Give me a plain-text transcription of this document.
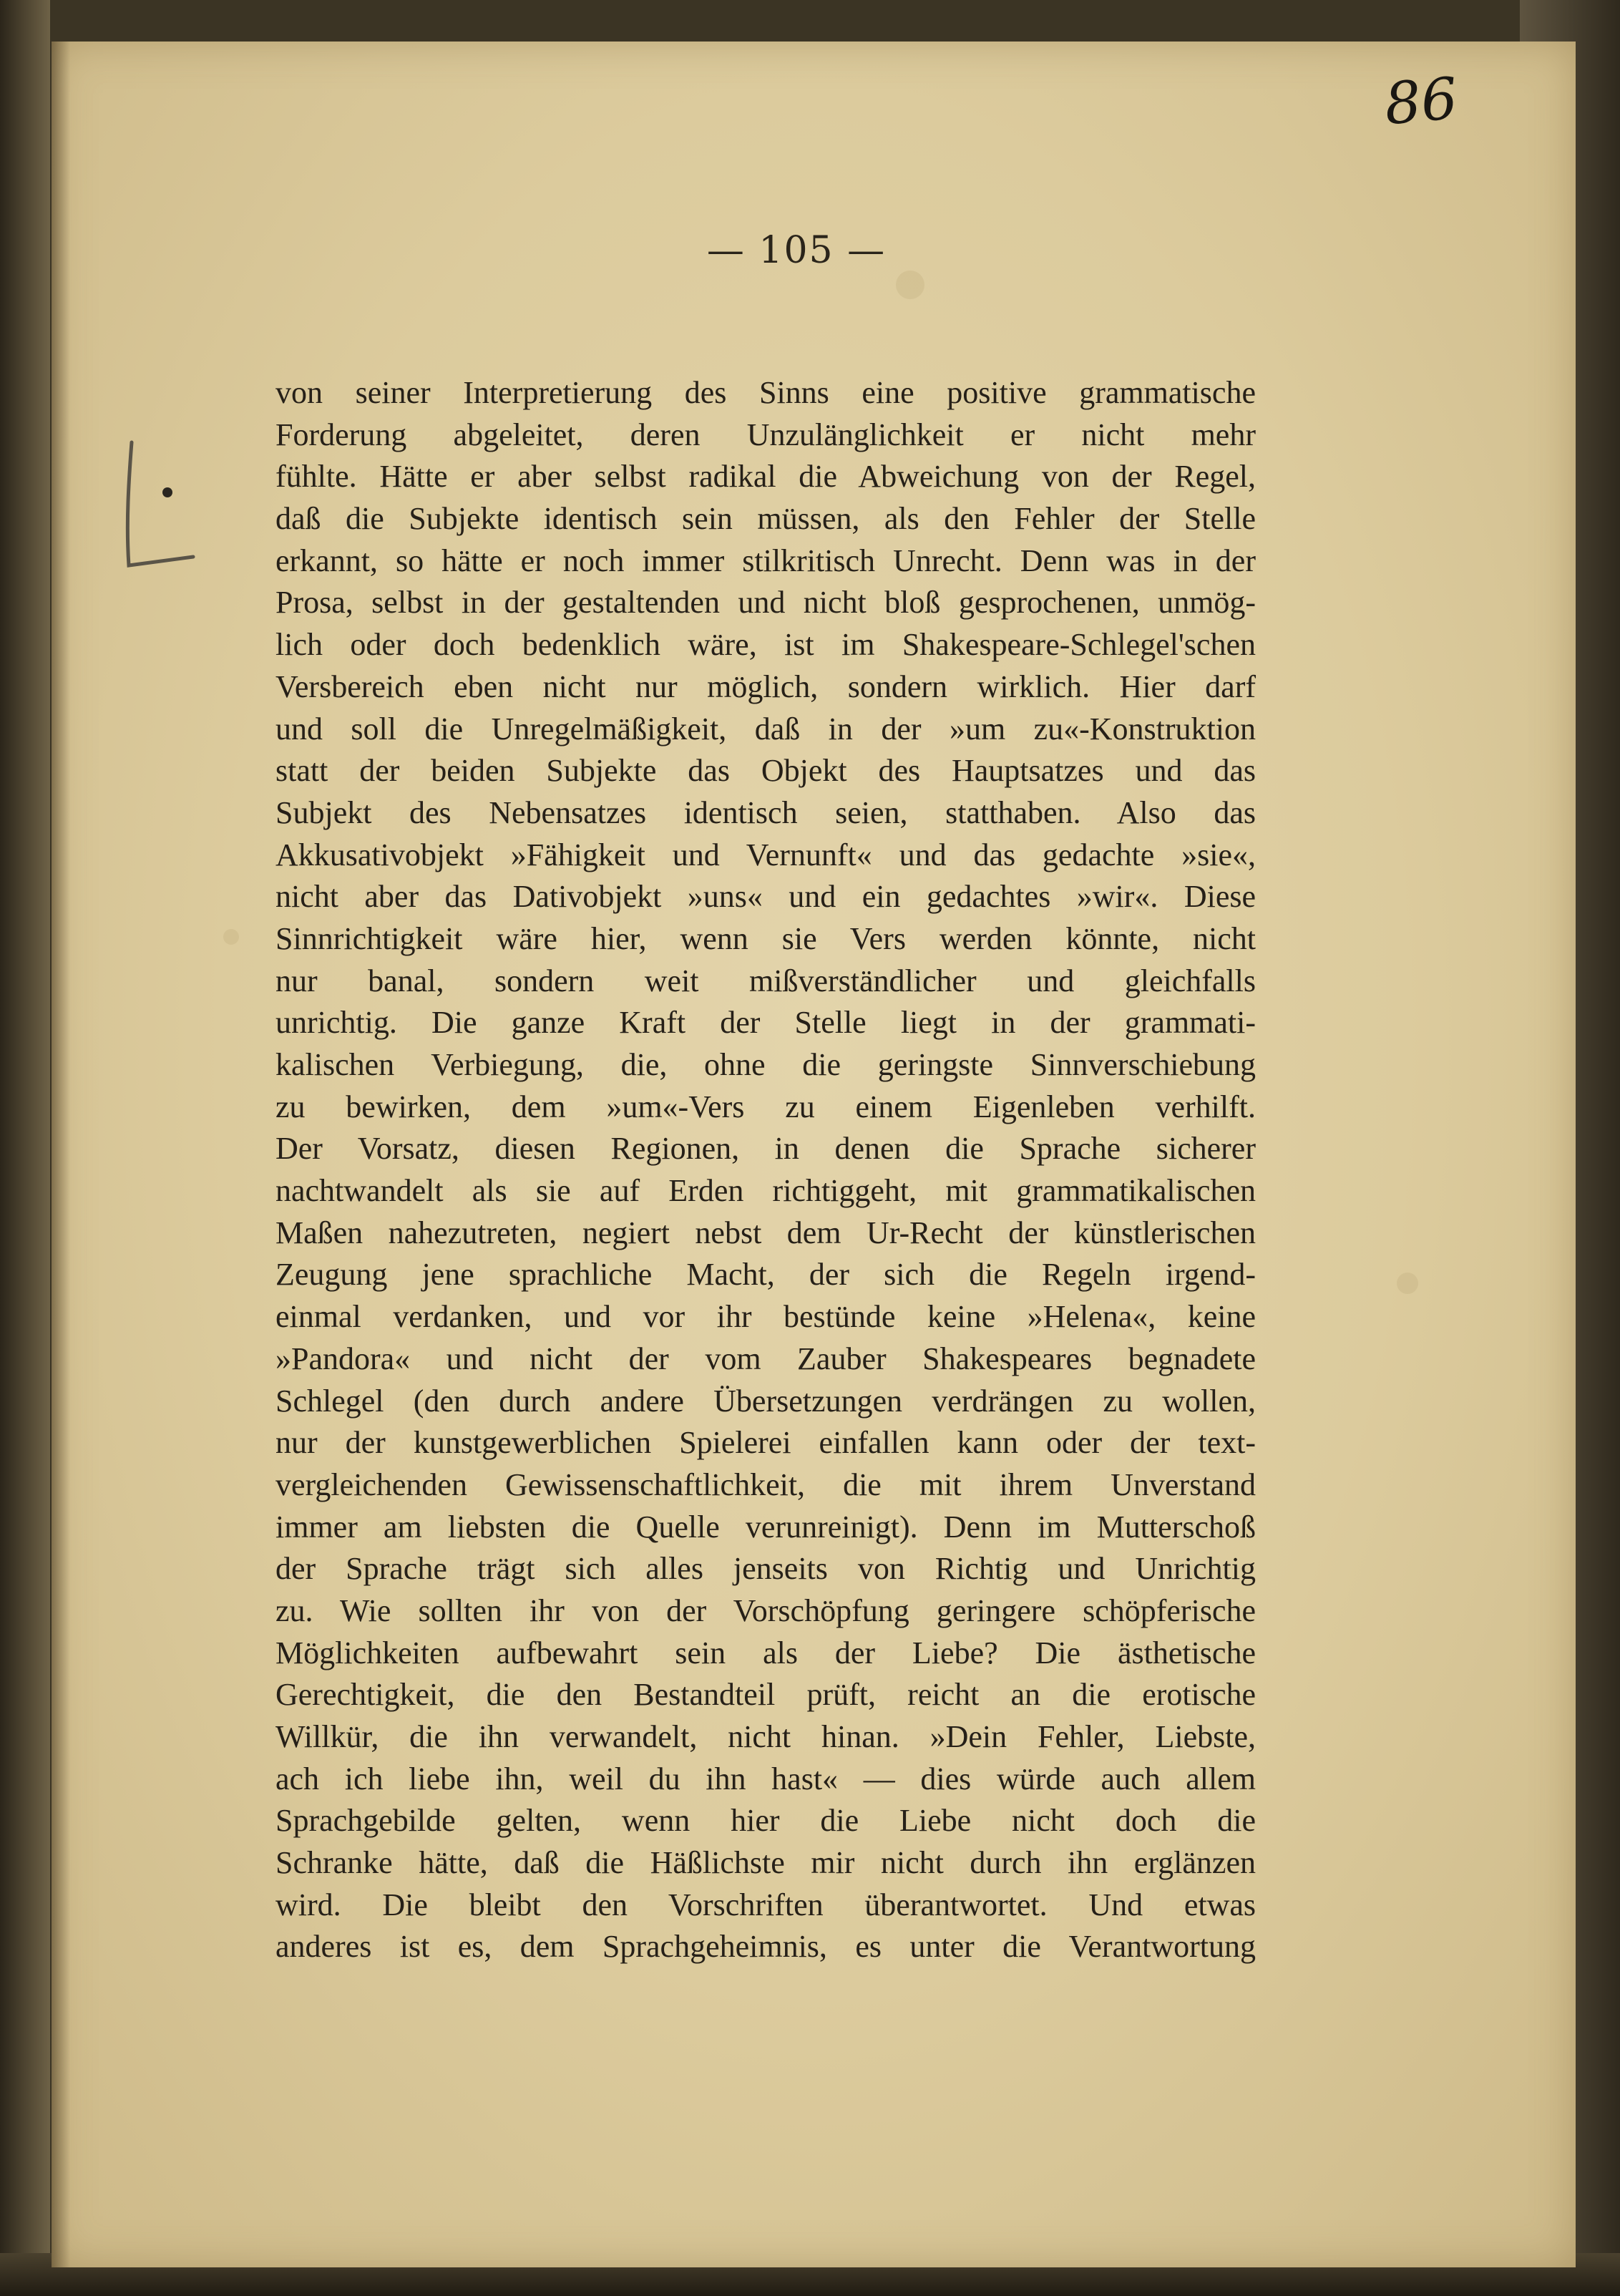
86
— 105 —
von seiner Interpretierung des Sinns eine positive grammatische
Forderung abgeleitet, deren Unzulänglichkeit er nicht mehr
fühlte. Hätte er aber selbst radikal die Abweichung von der Regel,
daß die Subjekte identisch sein müssen, als den Fehler der Stelle
erkannt, so hätte er noch immer stilkritisch Unrecht. Denn was in der
Prosa, selbst in der gestaltenden und nicht bloß gesprochenen, unmög-
lich oder doch bedenklich wäre, ist im Shakespeare-Schlegel'schen
Versbereich eben nicht nur möglich, sondern wirklich. Hier darf
und soll die Unregelmäßigkeit, daß in der »um zu«-Konstruktion
statt der beiden Subjekte das Objekt des Hauptsatzes und das
Subjekt des Nebensatzes identisch seien, statthaben. Also das
Akkusativobjekt »Fähigkeit und Vernunft« und das gedachte »sie«,
nicht aber das Dativobjekt »uns« und ein gedachtes »wir«. Diese
Sinnrichtigkeit wäre hier, wenn sie Vers werden könnte, nicht
nur banal, sondern weit mißverständlicher und gleichfalls
unrichtig. Die ganze Kraft der Stelle liegt in der grammati-
kalischen Verbiegung, die, ohne die geringste Sinnverschiebung
zu bewirken, dem »um«-Vers zu einem Eigenleben verhilft.
Der Vorsatz, diesen Regionen, in denen die Sprache sicherer
nachtwandelt als sie auf Erden richtiggeht, mit grammatikalischen
Maßen nahezutreten, negiert nebst dem Ur-Recht der künstlerischen
Zeugung jene sprachliche Macht, der sich die Regeln irgend-
einmal verdanken, und vor ihr bestünde keine »Helena«, keine
»Pandora« und nicht der vom Zauber Shakespeares begnadete
Schlegel (den durch andere Übersetzungen verdrängen zu wollen,
nur der kunstgewerblichen Spielerei einfallen kann oder der text-
vergleichenden Gewissenschaftlichkeit, die mit ihrem Unverstand
immer am liebsten die Quelle verunreinigt). Denn im Mutterschoß
der Sprache trägt sich alles jenseits von Richtig und Unrichtig
zu. Wie sollten ihr von der Vorschöpfung geringere schöpferische
Möglichkeiten aufbewahrt sein als der Liebe? Die ästhetische
Gerechtigkeit, die den Bestandteil prüft, reicht an die erotische
Willkür, die ihn verwandelt, nicht hinan. »Dein Fehler, Liebste,
ach ich liebe ihn, weil du ihn hast« — dies würde auch allem
Sprachgebilde gelten, wenn hier die Liebe nicht doch die
Schranke hätte, daß die Häßlichste mir nicht durch ihn erglänzen
wird. Die bleibt den Vorschriften überantwortet. Und etwas
anderes ist es, dem Sprachgeheimnis, es unter die Verantwortung
